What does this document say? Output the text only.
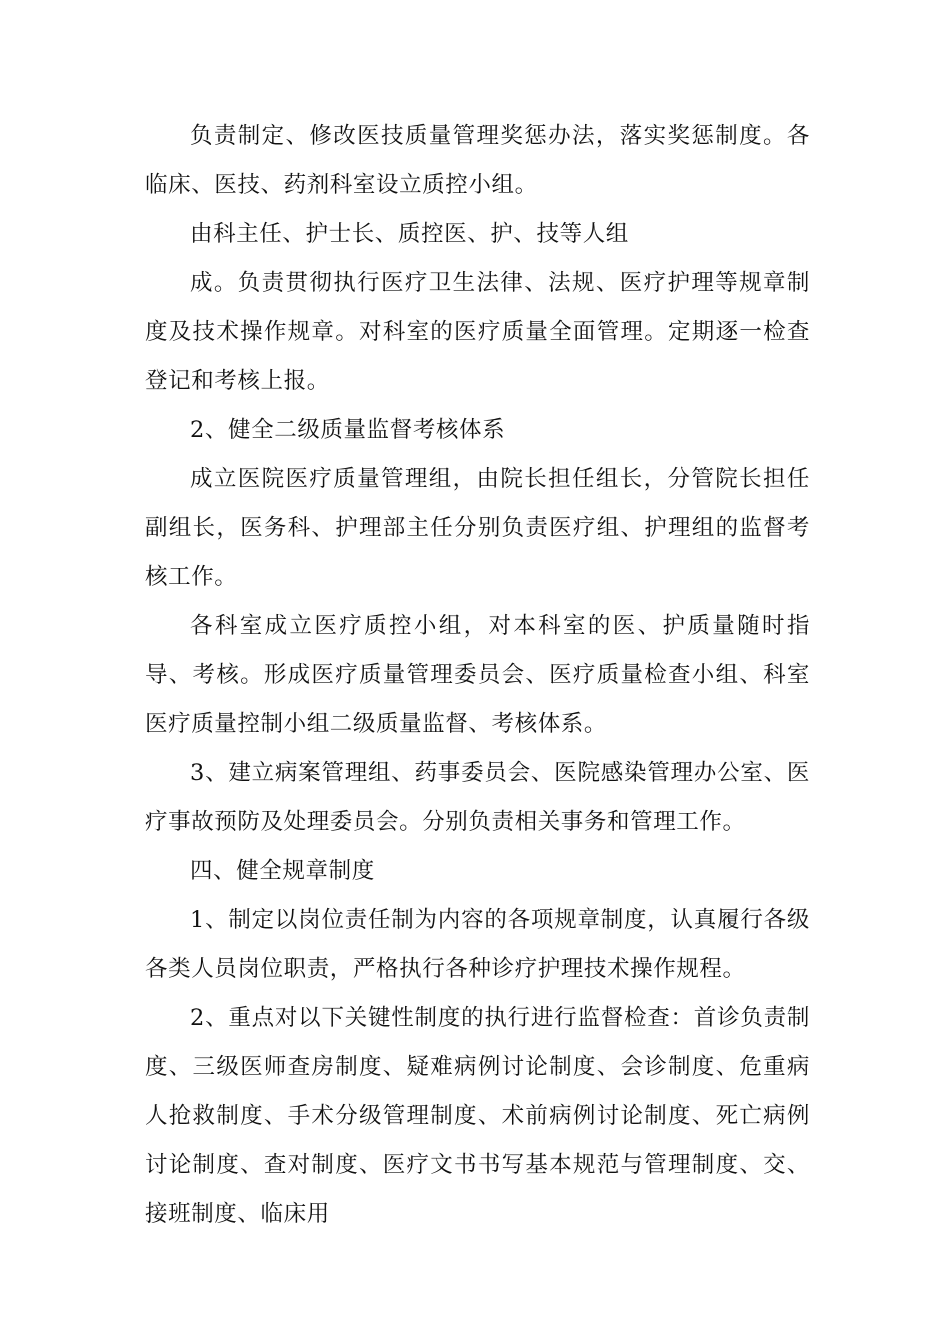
负责制定、修改医技质量管理奖惩办法，落实奖惩制度。各临床、医技、药剂科室设立质控小组。

由科主任、护士长、质控医、护、技等人组

成。负责贯彻执行医疗卫生法律、法规、医疗护理等规章制度及技术操作规章。对科室的医疗质量全面管理。定期逐一检查登记和考核上报。

2、健全二级质量监督考核体系

成立医院医疗质量管理组，由院长担任组长，分管院长担任副组长，医务科、护理部主任分别负责医疗组、护理组的监督考核工作。

各科室成立医疗质控小组，对本科室的医、护质量随时指导、考核。形成医疗质量管理委员会、医疗质量检查小组、科室医疗质量控制小组二级质量监督、考核体系。

3、建立病案管理组、药事委员会、医院感染管理办公室、医疗事故预防及处理委员会。分别负责相关事务和管理工作。

四、健全规章制度

1、制定以岗位责任制为内容的各项规章制度，认真履行各级各类人员岗位职责，严格执行各种诊疗护理技术操作规程。

2、重点对以下关键性制度的执行进行监督检查：首诊负责制度、三级医师查房制度、疑难病例讨论制度、会诊制度、危重病人抢救制度、手术分级管理制度、术前病例讨论制度、死亡病例讨论制度、查对制度、医疗文书书写基本规范与管理制度、交、接班制度、临床用
